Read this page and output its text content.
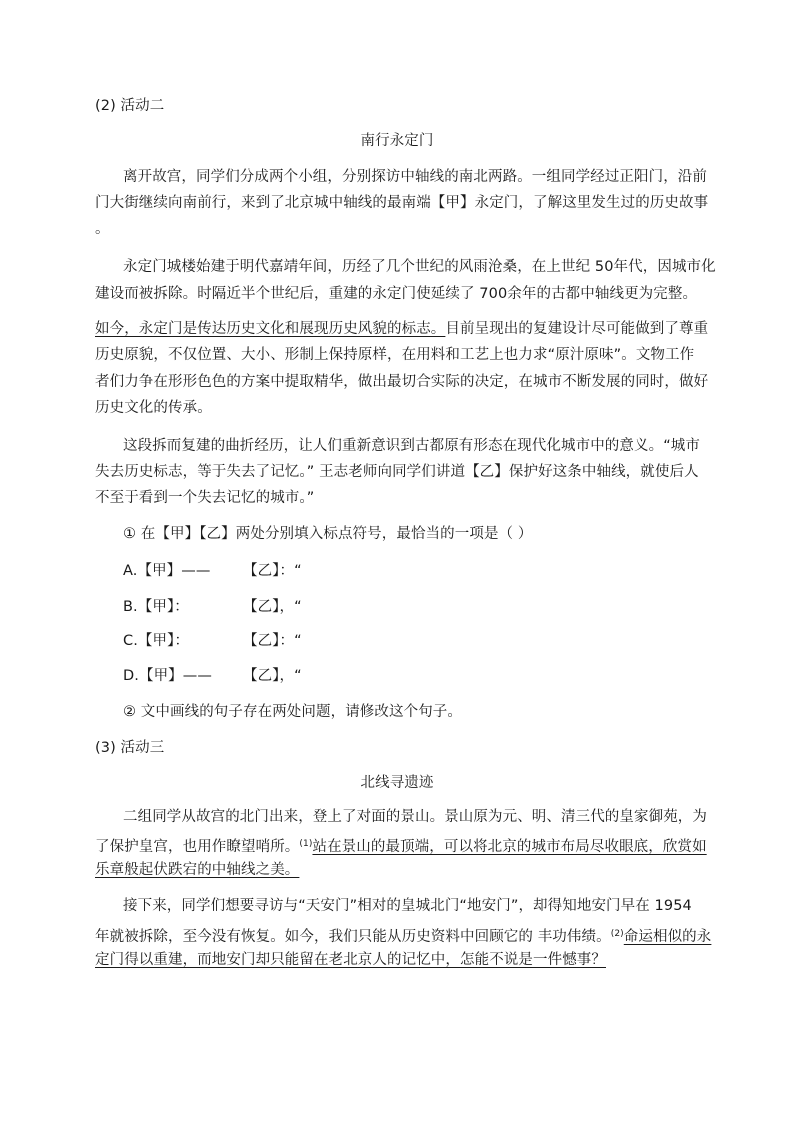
(2) 活动二
南行永定门
离开故宫，同学们分成两个小组，分别探访中轴线的南北两路。一组同学经过正阳门，沿前
门大街继续向南前行，来到了北京城中轴线的最南端【甲】永定门，了解这里发生过的历史故事
。
永定门城楼始建于明代嘉靖年间，历经了几个世纪的风雨沧桑，在上世纪 50年代，因城市化
建设而被拆除。时隔近半个世纪后，重建的永定门使延续了 700余年的古都中轴线更为完整。
如今，永定门是传达历史文化和展现历史风貌的标志。目前呈现出的复建设计尽可能做到了尊重
历史原貌，不仅位置、大小、形制上保持原样，在用料和工艺上也力求“原汁原味”。文物工作
者们力争在形形色色的方案中提取精华，做出最切合实际的决定，在城市不断发展的同时，做好
历史文化的传承。
这段拆而复建的曲折经历，让人们重新意识到古都原有形态在现代化城市中的意义。“城市
失去历史标志，等于失去了记忆。” 王志老师向同学们讲道【乙】保护好这条中轴线，就使后人
不至于看到一个失去记忆的城市。”
① 在【甲】【乙】两处分别填入标点符号，最恰当的一项是（ ）
A.【甲】—— 【乙】：“
B.【甲】：	【乙】，“
C.【甲】：	【乙】：“
D.【甲】—— 【乙】，“
② 文中画线的句子存在两处问题，请修改这个句子。
(3) 活动三
北线寻遗迹
二组同学从故宫的北门出来，登上了对面的景山。景山原为元、明、清三代的皇家御苑，为
了保护皇宫，也用作瞭望哨所。$^{(1)}$站在景山的最顶端，可以将北京的城市布局尽收眼底，欣赏如
乐章般起伏跌宕的中轴线之美。
接下来，同学们想要寻访与“天安门”相对的皇城北门“地安门”，却得知地安门早在 1954
年就被拆除，至今没有恢复。如今，我们只能从历史资料中回顾它的 丰功伟绩。$^{(2)}$命运相似的永
定门得以重建，而地安门却只能留在老北京人的记忆中，怎能不说是一件憾事？
